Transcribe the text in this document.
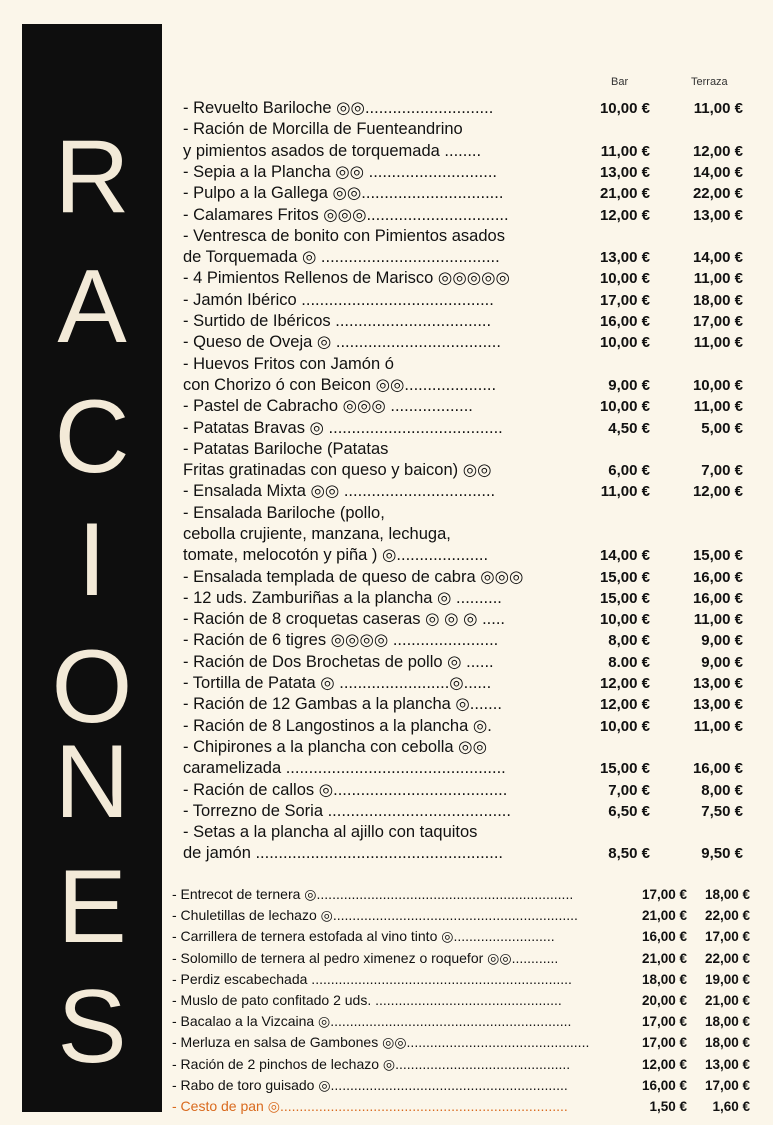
R
A
C
I
O
N
E
S
Bar	Terraza
- Revuelto Bariloche ◎◎............................	10,00 €	11,00 €
- Ración de Morcilla de Fuenteandrino
y pimientos asados de torquemada ........	11,00 €	12,00 €
- Sepia a la Plancha ◎◎ ............................	13,00 €	14,00 €
- Pulpo a la Gallega ◎◎...............................	21,00 €	22,00 €
- Calamares Fritos ◎◎◎...............................	12,00 €	13,00 €
- Ventresca de bonito con Pimientos asados
de Torquemada ◎ .......................................	13,00 €	14,00 €
- 4 Pimientos Rellenos de Marisco ◎◎◎◎◎	10,00 €	11,00 €
- Jamón Ibérico ..........................................	17,00 €	18,00 €
- Surtido de Ibéricos ..................................	16,00 €	17,00 €
- Queso de Oveja ◎ ....................................	10,00 €	11,00 €
- Huevos Fritos con Jamón ó
con Chorizo ó con Beicon ◎◎....................	9,00 €	10,00 €
- Pastel de Cabracho ◎◎◎ ..................	10,00 €	11,00 €
- Patatas Bravas ◎ ......................................	4,50 €	5,00 €
- Patatas Bariloche (Patatas
Fritas gratinadas con queso y baicon) ◎◎	6,00 €	7,00 €
- Ensalada Mixta ◎◎ .................................	11,00 €	12,00 €
- Ensalada Bariloche (pollo,
cebolla crujiente, manzana, lechuga,
tomate, melocotón y piña ) ◎....................	14,00 €	15,00 €
- Ensalada templada de queso de cabra ◎◎◎	15,00 €	16,00 €
- 12 uds. Zamburiñas a la plancha ◎ ..........	15,00 €	16,00 €
- Ración de 8 croquetas caseras ◎ ◎ ◎ .....	10,00 €	11,00 €
- Ración de 6 tigres ◎◎◎◎ .......................	8,00 €	9,00 €
- Ración de Dos Brochetas de pollo ◎ ......	8.00 €	9,00 €
- Tortilla de Patata ◎ ........................◎......	12,00 €	13,00 €
- Ración de 12 Gambas a la plancha ◎.......	12,00 €	13,00 €
- Ración de 8 Langostinos a la plancha ◎.	10,00 €	11,00 €
- Chipirones a la plancha con cebolla ◎◎
caramelizada ................................................	15,00 €	16,00 €
- Ración de callos ◎......................................	7,00 €	8,00 €
- Torrezno de Soria ........................................	6,50 €	7,50 €
- Setas a la plancha al ajillo con taquitos
de jamón ......................................................	8,50 €	9,50 €
- Entrecot de ternera ◎..................................................................	17,00 € 18,00 €
- Chuletillas de lechazo ◎...............................................................	21,00 € 22,00 €
- Carrillera de ternera estofada al vino tinto ◎..........................	16,00 € 17,00 €
- Solomillo de ternera al pedro ximenez o roquefor ◎◎............	21,00 € 22,00 €
- Perdiz escabechada ...................................................................	18,00 € 19,00 €
- Muslo de pato confitado 2 uds. ................................................	20,00 € 21,00 €
- Bacalao a la Vizcaina ◎..............................................................	17,00 € 18,00 €
- Merluza en salsa de Gambones ◎◎...............................................	17,00 € 18,00 €
- Ración de 2 pinchos de lechazo ◎.............................................	12,00 € 13,00 €
- Rabo de toro guisado ◎.............................................................	16,00 € 17,00 €
- Cesto de pan ◎..........................................................................	1,50 € 1,60 €
